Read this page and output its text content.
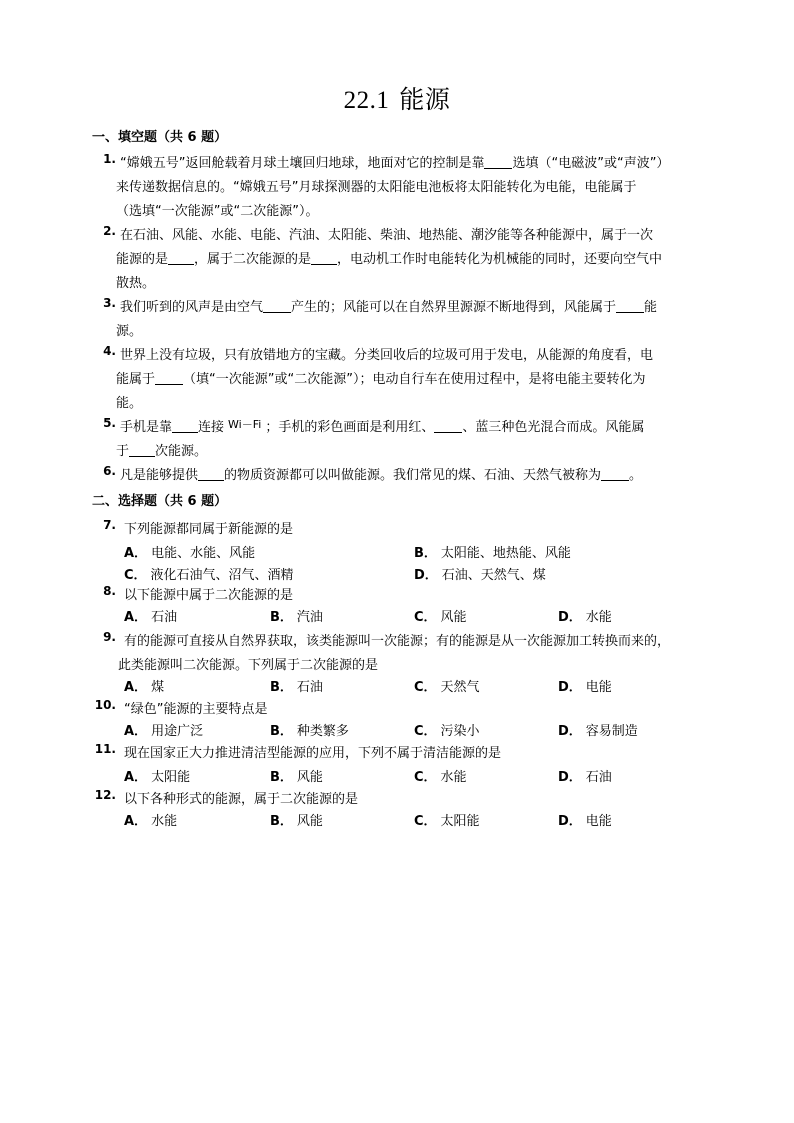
22.1 能源
一、填空题（共 6 题）
1. “嫦娥五号”返回舱载着月球土壤回归地球，地面对它的控制是靠 选填（“电磁波”或“声波”）
来传递数据信息的。“嫦娥五号”月球探测器的太阳能电池板将太阳能转化为电能，电能属于
（选填“一次能源”或“二次能源”）。
2. 在石油、风能、水能、电能、汽油、太阳能、柴油、地热能、潮汐能等各种能源中，属于一次
能源的是 ，属于二次能源的是 ，电动机工作时电能转化为机械能的同时，还要向空气中
散热。
3. 我们听到的风声是由空气 产生的；风能可以在自然界里源源不断地得到，风能属于 能
源。
4. 世界上没有垃圾，只有放错地方的宝藏。分类回收后的垃圾可用于发电，从能源的角度看，电
能属于 （填“一次能源”或“二次能源”）；电动自行车在使用过程中，是将电能主要转化为
能。
5. 手机是靠 连接 $^{Wi-Fi}$ ；手机的彩色画面是利用红、 、蓝三种色光混合而成。风能属
于 次能源。
6. 凡是能够提供 的物质资源都可以叫做能源。我们常见的煤、石油、天然气被称为 。
二、选择题（共 6 题）
7. 下列能源都同属于新能源的是
A． 电能、水能、风能	B． 太阳能、地热能、风能
C． 液化石油气、沼气、酒精	D． 石油、天然气、煤
8. 以下能源中属于二次能源的是
A． 石油	B． 汽油	C． 风能	D． 水能
9. 有的能源可直接从自然界获取，该类能源叫一次能源；有的能源是从一次能源加工转换而来的，
此类能源叫二次能源。下列属于二次能源的是
A． 煤	B． 石油	C． 天然气	D． 电能
10. “绿色”能源的主要特点是
A． 用途广泛	B． 种类繁多	C． 污染小	D． 容易制造
11. 现在国家正大力推进清洁型能源的应用，下列不属于清洁能源的是
A． 太阳能	B． 风能	C． 水能	D． 石油
12. 以下各种形式的能源，属于二次能源的是
A． 水能	B． 风能	C． 太阳能	D． 电能
